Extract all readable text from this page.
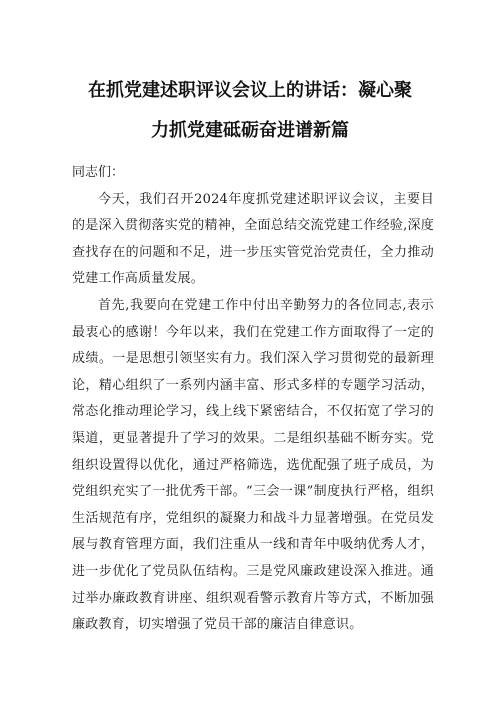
在抓党建述职评议会议上的讲话：凝心聚
力抓党建砥砺奋进谱新篇

同志们：

今天，我们召开2024年度抓党建述职评议会议，主要目的是深入贯彻落实党的精神，全面总结交流党建工作经验,深度查找存在的问题和不足，进一步压实管党治党责任，全力推动党建工作高质量发展。

首先,我要向在党建工作中付出辛勤努力的各位同志,表示最衷心的感谢！今年以来，我们在党建工作方面取得了一定的成绩。一是思想引领坚实有力。我们深入学习贯彻党的最新理论，精心组织了一系列内涵丰富、形式多样的专题学习活动，常态化推动理论学习，线上线下紧密结合，不仅拓宽了学习的渠道，更显著提升了学习的效果。二是组织基础不断夯实。党组织设置得以优化，通过严格筛选，选优配强了班子成员，为党组织充实了一批优秀干部。“三会一课”制度执行严格，组织生活规范有序，党组织的凝聚力和战斗力显著增强。在党员发展与教育管理方面，我们注重从一线和青年中吸纳优秀人才，进一步优化了党员队伍结构。三是党风廉政建设深入推进。通过举办廉政教育讲座、组织观看警示教育片等方式，不断加强廉政教育，切实增强了党员干部的廉洁自律意识。
